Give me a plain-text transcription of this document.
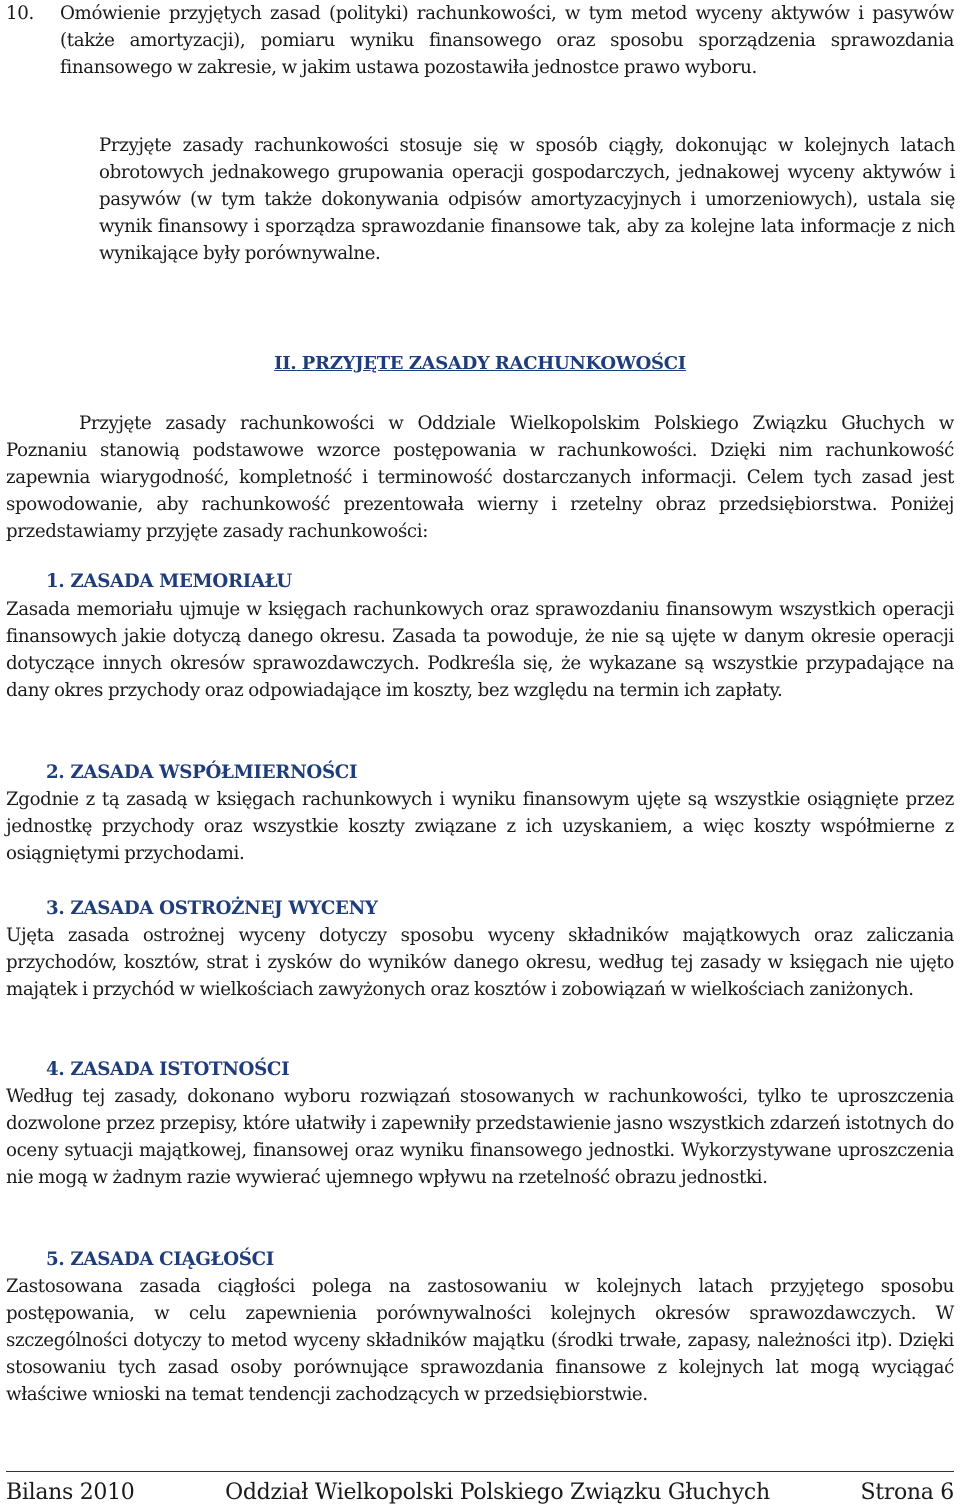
10.	Omówienie przyjętych zasad (polityki) rachunkowości, w tym metod wyceny aktywów i pasywów (także amortyzacji), pomiaru wyniku finansowego oraz sposobu sporządzenia sprawozdania finansowego w zakresie, w jakim ustawa pozostawiła jednostce prawo wyboru.

Przyjęte zasady rachunkowości stosuje się w sposób ciągły, dokonując w kolejnych latach obrotowych jednakowego grupowania operacji gospodarczych, jednakowej wyceny aktywów i pasywów (w tym także dokonywania odpisów amortyzacyjnych i umorzeniowych), ustala się wynik finansowy i sporządza sprawozdanie finansowe tak, aby za kolejne lata informacje z nich wynikające były porównywalne.

II. PRZYJĘTE ZASADY RACHUNKOWOŚCI

Przyjęte zasady rachunkowości w Oddziale Wielkopolskim Polskiego Związku Głuchych w Poznaniu stanowią podstawowe wzorce postępowania w rachunkowości. Dzięki nim rachunkowość zapewnia wiarygodność, kompletność i terminowość dostarczanych informacji. Celem tych zasad jest spowodowanie, aby rachunkowość prezentowała wierny i rzetelny obraz przedsiębiorstwa. Poniżej przedstawiamy przyjęte zasady rachunkowości:

1. ZASADA MEMORIAŁU

Zasada memoriału ujmuje w księgach rachunkowych oraz sprawozdaniu finansowym wszystkich operacji finansowych jakie dotyczą danego okresu. Zasada ta powoduje, że nie są ujęte w danym okresie operacji dotyczące innych okresów sprawozdawczych. Podkreśla się, że wykazane są wszystkie przypadające na dany okres przychody oraz odpowiadające im koszty, bez względu na termin ich zapłaty.

2. ZASADA WSPÓŁMIERNOŚCI

Zgodnie z tą zasadą w księgach rachunkowych i wyniku finansowym ujęte są wszystkie osiągnięte przez jednostkę przychody oraz wszystkie koszty związane z ich uzyskaniem, a więc koszty współmierne z osiągniętymi przychodami.

3. ZASADA OSTROŻNEJ WYCENY

Ujęta zasada ostrożnej wyceny dotyczy sposobu wyceny składników majątkowych oraz zaliczania przychodów, kosztów, strat i zysków do wyników danego okresu, według tej zasady w księgach nie ujęto majątek i przychód w wielkościach zawyżonych oraz kosztów i zobowiązań w wielkościach zaniżonych.

4. ZASADA ISTOTNOŚCI

Według tej zasady, dokonano wyboru rozwiązań stosowanych w rachunkowości, tylko te uproszczenia dozwolone przez przepisy, które ułatwiły i zapewniły przedstawienie jasno wszystkich zdarzeń istotnych do oceny sytuacji majątkowej, finansowej oraz wyniku finansowego jednostki. Wykorzystywane uproszczenia nie mogą w żadnym razie wywierać ujemnego wpływu na rzetelność obrazu jednostki.

5. ZASADA CIĄGŁOŚCI

Zastosowana zasada ciągłości polega na zastosowaniu w kolejnych latach przyjętego sposobu postępowania, w celu zapewnienia porównywalności kolejnych okresów sprawozdawczych. W szczególności dotyczy to metod wyceny składników majątku (środki trwałe, zapasy, należności itp). Dzięki stosowaniu tych zasad osoby porównujące sprawozdania finansowe z kolejnych lat mogą wyciągać właściwe wnioski na temat tendencji zachodzących w przedsiębiorstwie.

Bilans 2010	Oddział Wielkopolski Polskiego Związku Głuchych	Strona 6
